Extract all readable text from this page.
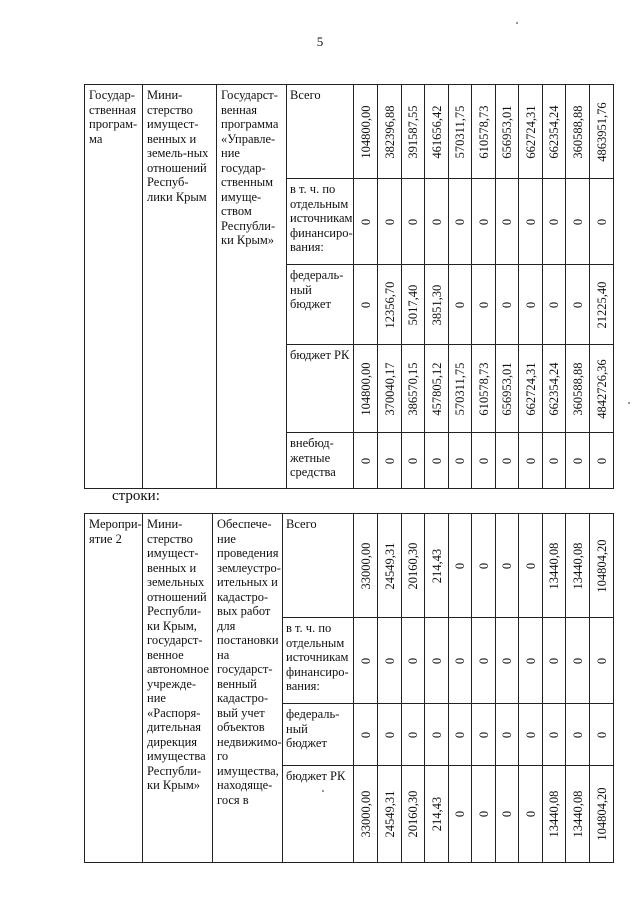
5
Государ-ственная програм-ма	Мини-стерство имущест-венных и земель-ных отношений Респуб-лики Крым	Государст-венная программа «Управле-ние государ-ственным имуще-ством Республи-ки Крым»	Всего	104800,00	382396,88	391587,55	461656,42	570311,75	610578,73	656953,01	662724,31	662354,24	360588,88	4863951,76

			в т. ч. по отдельным источникам финансиро-вания:	0	0	0	0	0	0	0	0	0	0	0

			федераль-ный бюджет	0	12356,70	5017,40	3851,30	0	0	0	0	0	0	21225,40

			бюджет РК	104800,00	370040,17	386570,15	457805,12	570311,75	610578,73	656953,01	662724,31	662354,24	360588,88	4842726,36

			внебюд-жетные средства	0	0	0	0	0	0	0	0	0	0	0
строки:
Меропри-ятие 2	Мини-стерство имущест-венных и земельных отношений Республи-ки Крым, государст-венное автономное учрежде-ние «Распоря-дительная дирекция имущества Республи-ки Крым»	Обеспече-ние проведения землеустро-ительных и кадастро-вых работ для постановки на государст-венный кадастро-вый учет объектов недвижимо-го имущества, находяще-гося в	Всего	33000,00	24549,31	20160,30	214,43	0	0	0	0	13440,08	13440,08	104804,20

			в т. ч. по отдельным источникам финансиро-вания:	0	0	0	0	0	0	0	0	0	0	0

			федераль-ный бюджет	0	0	0	0	0	0	0	0	0	0	0

			бюджет РК	33000,00	24549,31	20160,30	214,43	0	0	0	0	13440,08	13440,08	104804,20
